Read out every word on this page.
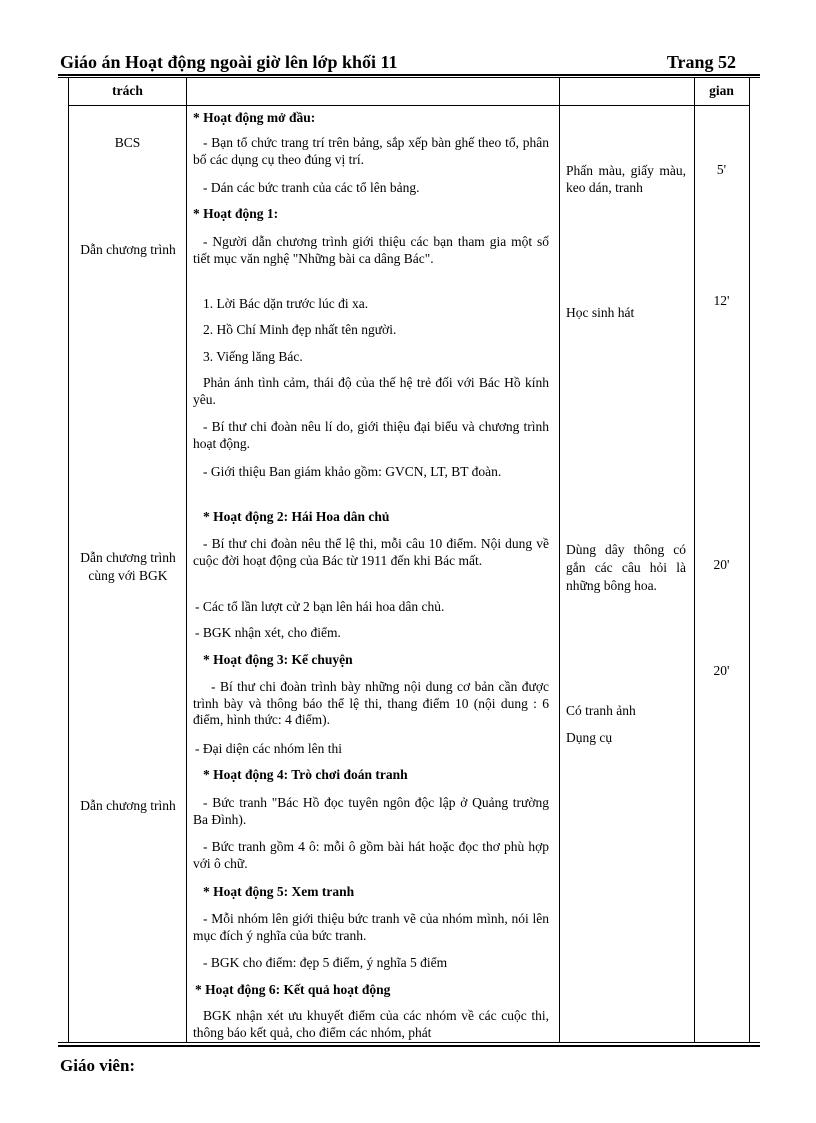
Giáo án Hoạt động ngoài giờ lên lớp khối 11	Trang 52
trách	gian
BCS
Dẫn chương trình
Dẫn chương trình cùng với BGK
Dẫn chương trình
* Hoạt động mở đầu:
- Bạn tổ chức trang trí trên bảng, sắp xếp bàn ghế theo tổ, phân bố các dụng cụ theo đúng vị trí.
- Dán các bức tranh của các tổ lên bảng.
* Hoạt động 1:
- Người dẫn chương trình giới thiệu các bạn tham gia một số tiết mục văn nghệ "Những bài ca dâng Bác".
1. Lời Bác dặn trước lúc đi xa.
2. Hồ Chí Minh đẹp nhất tên người.
3. Viếng lăng Bác.
Phản ánh tình cảm, thái độ của thế hệ trẻ đối với Bác Hồ kính yêu.
- Bí thư chi đoàn nêu lí do, giới thiệu đại biểu và chương trình hoạt động.
- Giới thiệu Ban giám khảo gồm: GVCN, LT, BT đoàn.
* Hoạt động 2: Hái Hoa dân chủ
- Bí thư chi đoàn nêu thể lệ thi, mỗi câu 10 điểm. Nội dung về cuộc đời hoạt động của Bác từ 1911 đến khi Bác mất.
- Các tổ lần lượt cử 2 bạn lên hái hoa dân chủ.
- BGK nhận xét, cho điểm.
* Hoạt động 3: Kể chuyện
- Bí thư chi đoàn trình bày những nội dung cơ bản cần được trình bày và thông báo thể lệ thi, thang điểm 10 (nội dung : 6 điểm, hình thức: 4 điểm).
- Đại diện các nhóm lên thi
* Hoạt động 4: Trò chơi đoán tranh
- Bức tranh "Bác Hồ đọc tuyên ngôn độc lập ở Quảng trường Ba Đình).
- Bức tranh gồm 4 ô: mỗi ô gồm bài hát hoặc đọc thơ phù hợp với ô chữ.
* Hoạt động 5: Xem tranh
- Mỗi nhóm lên giới thiệu bức tranh vẽ của nhóm mình, nói lên mục đích ý nghĩa của bức tranh.
- BGK cho điểm: đẹp 5 điểm, ý nghĩa 5 điểm
* Hoạt động 6: Kết quả hoạt động
BGK nhận xét ưu khuyết điểm của các nhóm về các cuộc thi, thông báo kết quả, cho điểm các nhóm, phát
Phấn màu, giấy màu, keo dán, tranh
Học sinh hát
Dùng dây thông có gắn các câu hỏi là những bông hoa.
Có tranh ảnh
Dụng cụ
5'
12'
20'
20'
Giáo viên:
